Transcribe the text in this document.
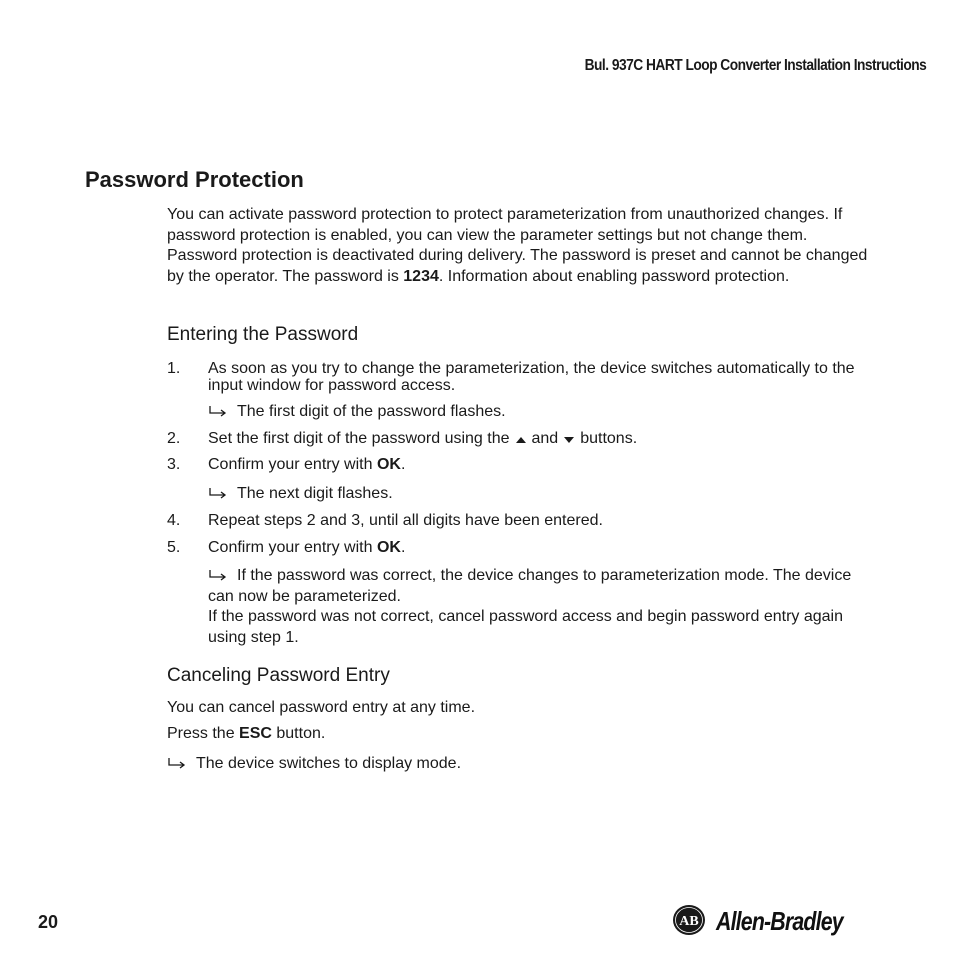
Bul. 937C HART Loop Converter Installation Instructions
Password Protection

You can activate password protection to protect parameterization from unauthorized changes. If password protection is enabled, you can view the parameter settings but not change them. Password protection is deactivated during delivery. The password is preset and cannot be changed by the operator. The password is 1234. Information about enabling password protection.

Entering the Password
1. As soon as you try to change the parameterization, the device switches automatically to the input window for password access.
The first digit of the password flashes.
2. Set the first digit of the password using the and buttons.
3. Confirm your entry with OK.
The next digit flashes.
4. Repeat steps 2 and 3, until all digits have been entered.
5. Confirm your entry with OK.
If the password was correct, the device changes to parameterization mode. The device can now be parameterized.
If the password was not correct, cancel password access and begin password entry again using step 1.
Canceling Password Entry
You can cancel password entry at any time.
Press the ESC button.
The device switches to display mode.
20	AB Allen-Bradley
